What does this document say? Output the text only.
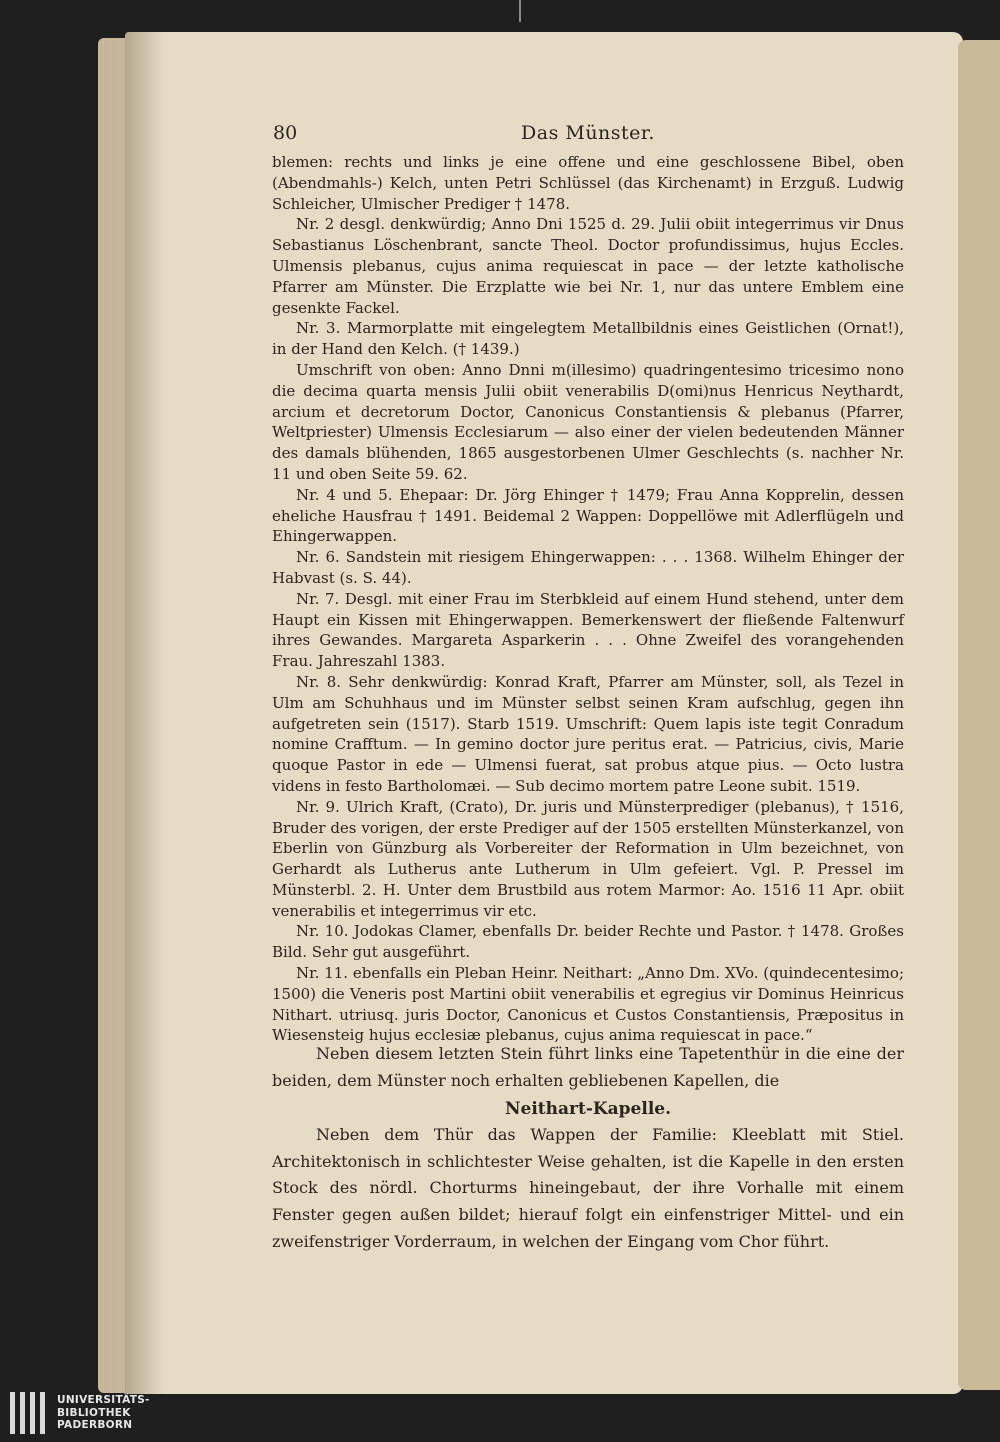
80	Das Münster.

blemen: rechts und links je eine offene und eine geschlossene Bibel, oben (Abendmahls-) Kelch, unten Petri Schlüssel (das Kirchenamt) in Erzguß. Ludwig Schleicher, Ulmischer Prediger † 1478.

Nr. 2 desgl. denkwürdig; Anno Dni 1525 d. 29. Julii obiit integerrimus vir Dnus Sebastianus Löschenbrant, sancte Theol. Doctor profundissimus, hujus Eccles. Ulmensis plebanus, cujus anima requiescat in pace — der letzte katholische Pfarrer am Münster. Die Erzplatte wie bei Nr. 1, nur das untere Emblem eine gesenkte Fackel.

Nr. 3. Marmorplatte mit eingelegtem Metallbildnis eines Geistlichen (Ornat!), in der Hand den Kelch. († 1439.)

Umschrift von oben: Anno Dnni m(illesimo) quadringentesimo tricesimo nono die decima quarta mensis Julii obiit venerabilis D(omi)nus Henricus Neythardt, arcium et decretorum Doctor, Canonicus Constantiensis & plebanus (Pfarrer, Weltpriester) Ulmensis Ecclesiarum — also einer der vielen bedeutenden Männer des damals blühenden, 1865 ausgestorbenen Ulmer Geschlechts (s. nachher Nr. 11 und oben Seite 59. 62.

Nr. 4 und 5. Ehepaar: Dr. Jörg Ehinger † 1479; Frau Anna Kopprelin, dessen eheliche Hausfrau † 1491. Beidemal 2 Wappen: Doppellöwe mit Adlerflügeln und Ehingerwappen.

Nr. 6. Sandstein mit riesigem Ehingerwappen: . . . 1368. Wilhelm Ehinger der Habvast (s. S. 44).

Nr. 7. Desgl. mit einer Frau im Sterbkleid auf einem Hund stehend, unter dem Haupt ein Kissen mit Ehingerwappen. Bemerkenswert der fließende Faltenwurf ihres Gewandes. Margareta Asparkerin . . . Ohne Zweifel des vorangehenden Frau. Jahreszahl 1383.

Nr. 8. Sehr denkwürdig: Konrad Kraft, Pfarrer am Münster, soll, als Tezel in Ulm am Schuhhaus und im Münster selbst seinen Kram aufschlug, gegen ihn aufgetreten sein (1517). Starb 1519. Umschrift: Quem lapis iste tegit Conradum nomine Crafftum. — In gemino doctor jure peritus erat. — Patricius, civis, Marie quoque Pastor in ede — Ulmensi fuerat, sat probus atque pius. — Octo lustra videns in festo Bartholomæi. — Sub decimo mortem patre Leone subit. 1519.

Nr. 9. Ulrich Kraft, (Crato), Dr. juris und Münsterprediger (plebanus), † 1516, Bruder des vorigen, der erste Prediger auf der 1505 erstellten Münsterkanzel, von Eberlin von Günzburg als Vorbereiter der Reformation in Ulm bezeichnet, von Gerhardt als Lutherus ante Lutherum in Ulm gefeiert. Vgl. P. Pressel im Münsterbl. 2. H. Unter dem Brustbild aus rotem Marmor: Ao. 1516 11 Apr. obiit venerabilis et integerrimus vir etc.

Nr. 10. Jodokas Clamer, ebenfalls Dr. beider Rechte und Pastor. † 1478. Großes Bild. Sehr gut ausgeführt.

Nr. 11. ebenfalls ein Pleban Heinr. Neithart: „Anno Dm. XVo. (quindecentesimo; 1500) die Veneris post Martini obiit venerabilis et egregius vir Dominus Heinricus Nithart. utriusq. juris Doctor, Canonicus et Custos Constantiensis, Præpositus in Wiesensteig hujus ecclesiæ plebanus, cujus anima requiescat in pace.“

Neben diesem letzten Stein führt links eine Tapetenthür in die eine der beiden, dem Münster noch erhalten gebliebenen Kapellen, die

Neithart-Kapelle.

Neben dem Thür das Wappen der Familie: Kleeblatt mit Stiel. Architektonisch in schlichtester Weise gehalten, ist die Kapelle in den ersten Stock des nördl. Chorturms hineingebaut, der ihre Vorhalle mit einem Fenster gegen außen bildet; hierauf folgt ein einfenstriger Mittel- und ein zweifenstriger Vorderraum, in welchen der Eingang vom Chor führt.

UNIVERSITÄTS-
BIBLIOTHEK
PADERBORN
